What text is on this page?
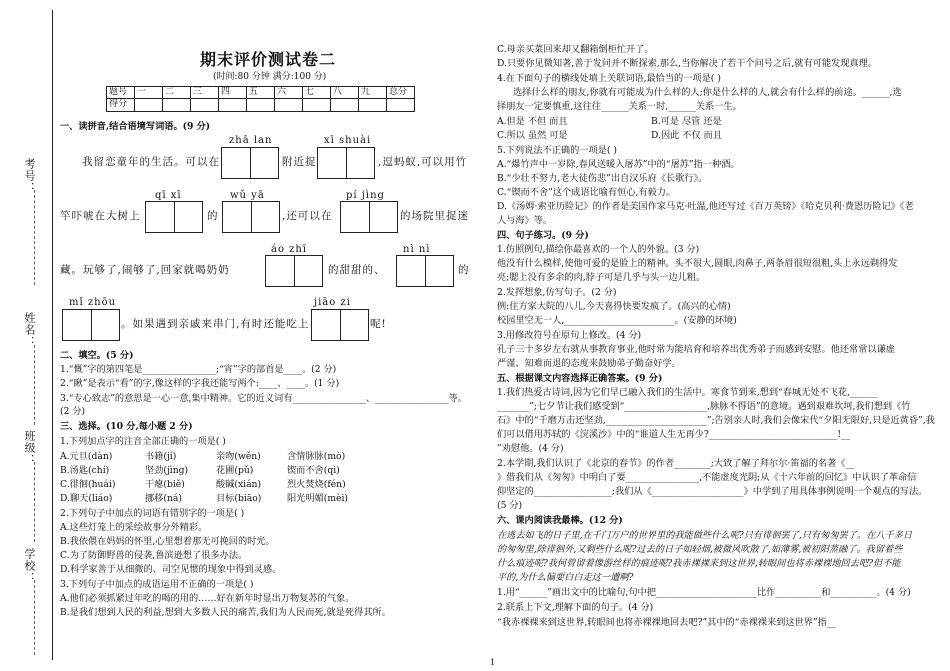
考号：
姓名：
班级：
学校：
期末评价测试卷二
(时间:80 分钟 满分:100 分)
题号	一	二	三	四	五	六	七	八	九	总分
得分										
一、读拼音,结合语境写词语。(9 分)
zhā lan	xī shuài
我留恋童年的生活。可以在	附近捉	,逗蚂蚁,可以用竹
qī xī	wǔ yā	pí jìng
竿吓唬在大树上	的	,还可以在	的场院里捉迷
áo zhī	nì nì
藏。玩够了,闹够了,回家就喝奶奶	的甜甜的、	的
mǐ zhōu	jiāo zi
。如果遇到亲戚来串门,有时还能吃上	呢!
二、填空。(5 分)
1.“慨”字的第四笔是________________;“宵”字的部首是____。(2 分)
2.“瞅”是表示“看”的字,像这样的字我还能写两个:____、____。(1 分)
3.“专心致志”的意思是一心一意,集中精神。它的近义词有________________、________________等。
(2 分)
三、选择。(10 分,每小题 2 分)
1.下列加点字的注音全部正确的一项是( )
A.元旦(dàn)	书籍(jí)	亲吻(wěn)	含情脉脉(mò)
B.汤匙(chí)	坚劲(jìng)	花圃(pǔ)	锲而不舍(qì)
C.徘徊(huái)	干瘪(biě)	酸碱(xián)	烈火焚烧(fén)
D.聊天(liáo)	挪移(ná)	目标(biāo)	阳光明媚(mèi)
2.下列句子中加点的词语有错别字的一项是( )
A.这些灯笼上的采绘故事分外精彩。
B.我依偎在妈妈的怀里,心里想着那无可挽回的时光。
C.为了防御野兽的侵袭,鲁滨逊想了很多办法。
D.科学家善于从细微的、司空见惯的现象中得到灵感。
3.下列句子中加点的成语运用不正确的一项是( )
A.他们必须抓紧过年吃的喝的用的……好在新年时显出万物复苏的气象。
B.是我们想到人民的利益,想到大多数人民的痛苦,我们为人民而死,就是死得其所。
C.母亲买菜回来却又翻箱倒柜忙开了。
D.只要你见微知著,善于发问并不断探索,那么,当你解决了若干个问号之后,就有可能发现真理。
4.在下面句子的横线处填上关联词语,最恰当的一项是( )
选择什么样的朋友,你就有可能成为什么样的人;你是什么样的人,就会有什么样的前途。______,选
择朋友一定要慎重,这往往______关系一时,______关系一生。
A.但是 不但 而且	B.可是 尽管 还是
C.所以 虽然 可是	D.因此 不仅 而且
5.下列说法不正确的一项是( )
A.“爆竹声中一岁除,春风送暖入屠苏”中的“屠苏”指一种酒。
B.“少壮不努力,老大徒伤悲”出自汉乐府《长歌行》。
C.“锲而不舍”这个成语比喻有恒心,有毅力。
D.《汤姆·索亚历险记》的作者是美国作家马克·吐温,他还写过《百万英镑》《哈克贝利·费恩历险记》《老
人与海》等。
四、句子练习。(9 分)
1.仿照例句,描绘你最喜欢的一个人的外貌。(3 分)
他没有什么模样,使他可爱的是脸上的精神。头不很大,圆眼,肉鼻子,两条眉很短很粗,头上永远剃得发
亮;腮上没有多余的肉,脖子可是几乎与头一边儿粗。
2.发挥想象,仿写句子。(2 分)
例:住方家大院的八儿,今天喜得快要发疯了。(高兴的心情)
校园里空无一人,________________________。(安静的环境)
3.用修改符号在原句上修改。(4 分)
孔子三十多岁左右就从事教育事业,他时常为能培育和培养出优秀弟子而感到安慰。他还常常以谦虚
严谨、知难而退的态度来鼓励弟子勤奋好学。
五、根据课文内容选择正确答案。(9 分)
1.我们热爱古诗词,因为它们早已融入我们的生活中。寒食节到来,想到“春城无处不飞花,______
_______”;七夕节让我们感受到“__________________,脉脉不得语”的意境。遇到艰难坎坷,我们想到《竹
石》中的“千磨万击还坚劲,______________________”;告别亲人时,我们会像宋代“夕阳无限好,只是近黄昏”,我
们可以借用苏轼的《浣溪沙》中的“谁道人生无再少?____________________________!__
”劝慰他。(4 分)
2.本学期,我们认识了《北京的春节》的作者________;大致了解了拜尔尔·笛福的名著《__
》借我们从《匆匆》中明白了要________________,不能虚度光阴;从《十六年前的回忆》中认识了革命信
仰坚定的_________________;我们从《____________________》中学到了用具体事例说明一个观点的写法。
(5 分)
六、课内阅读我最棒。(12 分)
在逃去如飞的日子里,在千门万户的世界里的我能做些什么呢?只有徘徊罢了,只有匆匆罢了。在八千多日
的匆匆里,除徘徊外,又剩些什么呢?过去的日子如轻烟,被微风吹散了,如薄雾,被初阳蒸融了。我留着些
什么痕迹呢?我何曾留着像游丝样的痕迹呢?我赤裸裸来到这世界,转眼间也将赤裸裸地回去吧?但不能
平的,为什么偏要白白走这一遭啊?
1.用“______”画出文中的比喻句,句中把______________________比作__________和__________。(4 分)
2.联系上下文,理解下面的句子。(4 分)
“我赤裸裸来到这世界,转眼间也将赤裸裸地回去吧?”其中的“赤裸裸来到这世界”指__
1
